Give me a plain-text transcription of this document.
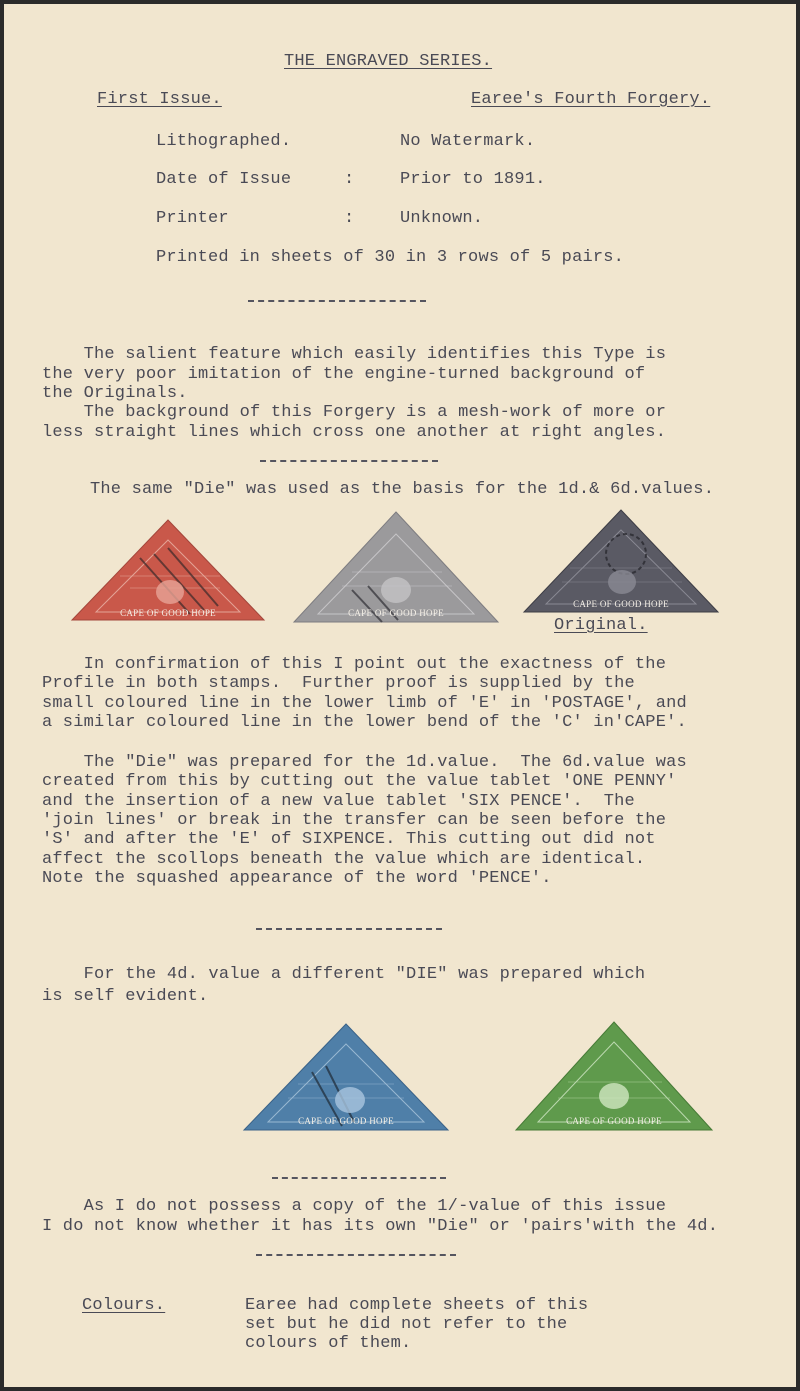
THE ENGRAVED SERIES.
First Issue.	Earee's Fourth Forgery.
Lithographed.	No Watermark.
Date of Issue	:	Prior to 1891.
Printer	:	Unknown.
Printed in sheets of 30 in 3 rows of 5 pairs.
The salient feature which easily identifies this Type is
the very poor imitation of the engine-turned background of
the Originals.
The background of this Forgery is a mesh-work of more or
less straight lines which cross one another at right angles.
The same "Die" was used as the basis for the 1d.& 6d.values.
CAPE OF GOOD HOPE	CAPE OF GOOD HOPE
CAPE OF GOOD HOPE
Original.
In confirmation of this I point out the exactness of the
Profile in both stamps.  Further proof is supplied by the
small coloured line in the lower limb of 'E' in 'POSTAGE', and
a similar coloured line in the lower bend of the 'C' in'CAPE'.
The "Die" was prepared for the 1d.value.  The 6d.value was
created from this by cutting out the value tablet 'ONE PENNY'
and the insertion of a new value tablet 'SIX PENCE'.  The
'join lines' or break in the transfer can be seen before the
'S' and after the 'E' of SIXPENCE. This cutting out did not
affect the scollops beneath the value which are identical.
Note the squashed appearance of the word 'PENCE'.
For the 4d. value a different "DIE" was prepared which
is self evident.
CAPE OF GOOD HOPE	CAPE OF GOOD HOPE
As I do not possess a copy of the 1/-value of this issue
I do not know whether it has its own "Die" or 'pairs'with the 4d.
Colours.	Earee had complete sheets of this
set but he did not refer to the
colours of them.
